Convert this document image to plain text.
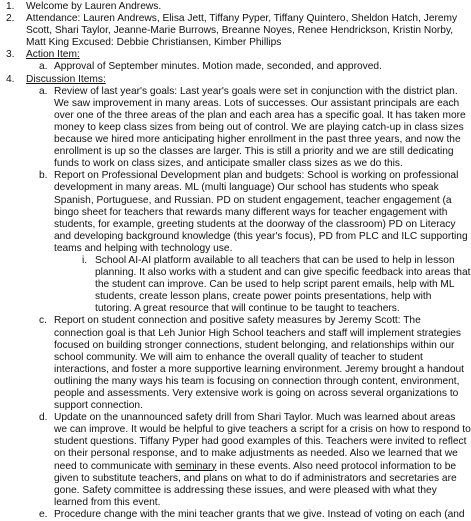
1.	Welcome by Lauren Andrews.
2.	Attendance: Lauren Andrews, Elisa Jett, Tiffany Pyper, Tiffany Quintero, Sheldon Hatch, Jeremy Scott, Shari Taylor, Jeanne-Marie Burrows, Breanne Noyes, Renee Hendrickson, Kristin Norby, Matt King Excused: Debbie Christiansen, Kimber Phillips
3.	Action Item:
a. Approval of September minutes. Motion made, seconded, and approved.
4.	Discussion Items:
a. Review of last year's goals: Last year's goals were set in conjunction with the district plan. We saw improvement in many areas. Lots of successes. Our assistant principals are each over one of the three areas of the plan and each area has a specific goal. It has taken more money to keep class sizes from being out of control. We are playing catch-up in class sizes because we hired more anticipating higher enrollment in the past three years, and now the enrollment is up so the classes are larger. This is still a priority and we are still dedicating funds to work on class sizes, and anticipate smaller class sizes as we do this.
b. Report on Professional Development plan and budgets: School is working on professional development in many areas. ML (multi language) Our school has students who speak Spanish, Portuguese, and Russian. PD on student engagement, teacher engagement (a bingo sheet for teachers that rewards many different ways for teacher engagement with students, for example, greeting students at the doorway of the classroom) PD on Literacy and developing background knowledge (this year's focus), PD from PLC and ILC supporting teams and helping with technology use.
i. School AI-AI platform available to all teachers that can be used to help in lesson planning. It also works with a student and can give specific feedback into areas that the student can improve. Can be used to help script parent emails, help with ML students, create lesson plans, create power points presentations, help with tutoring. A great resource that will continue to be taught to teachers.
c. Report on student connection and positive safety measures by Jeremy Scott: The connection goal is that Leh Junior High School teachers and staff will implement strategies focused on building stronger connections, student belonging, and relationships within our school community. We will aim to enhance the overall quality of teacher to student interactions, and foster a more supportive learning environment. Jeremy brought a handout outlining the many ways his team is focusing on connection through content, environment, people and assessments. Very extensive work is going on across several organizations to support connection.
d. Update on the unannounced safety drill from Shari Taylor. Much was learned about areas we can improve. It would be helpful to give teachers a script for a crisis on how to respond to student questions. Tiffany Pyper had good examples of this. Teachers were invited to reflect on their personal response, and to make adjustments as needed. Also we learned that we need to communicate with seminary in these events. Also need protocol information to be given to substitute teachers, and plans on what to do if administrators and secretaries are gone. Safety committee is addressing these issues, and were pleased with what they learned from this event.
e. Procedure change with the mini teacher grants that we give. Instead of voting on each (and
